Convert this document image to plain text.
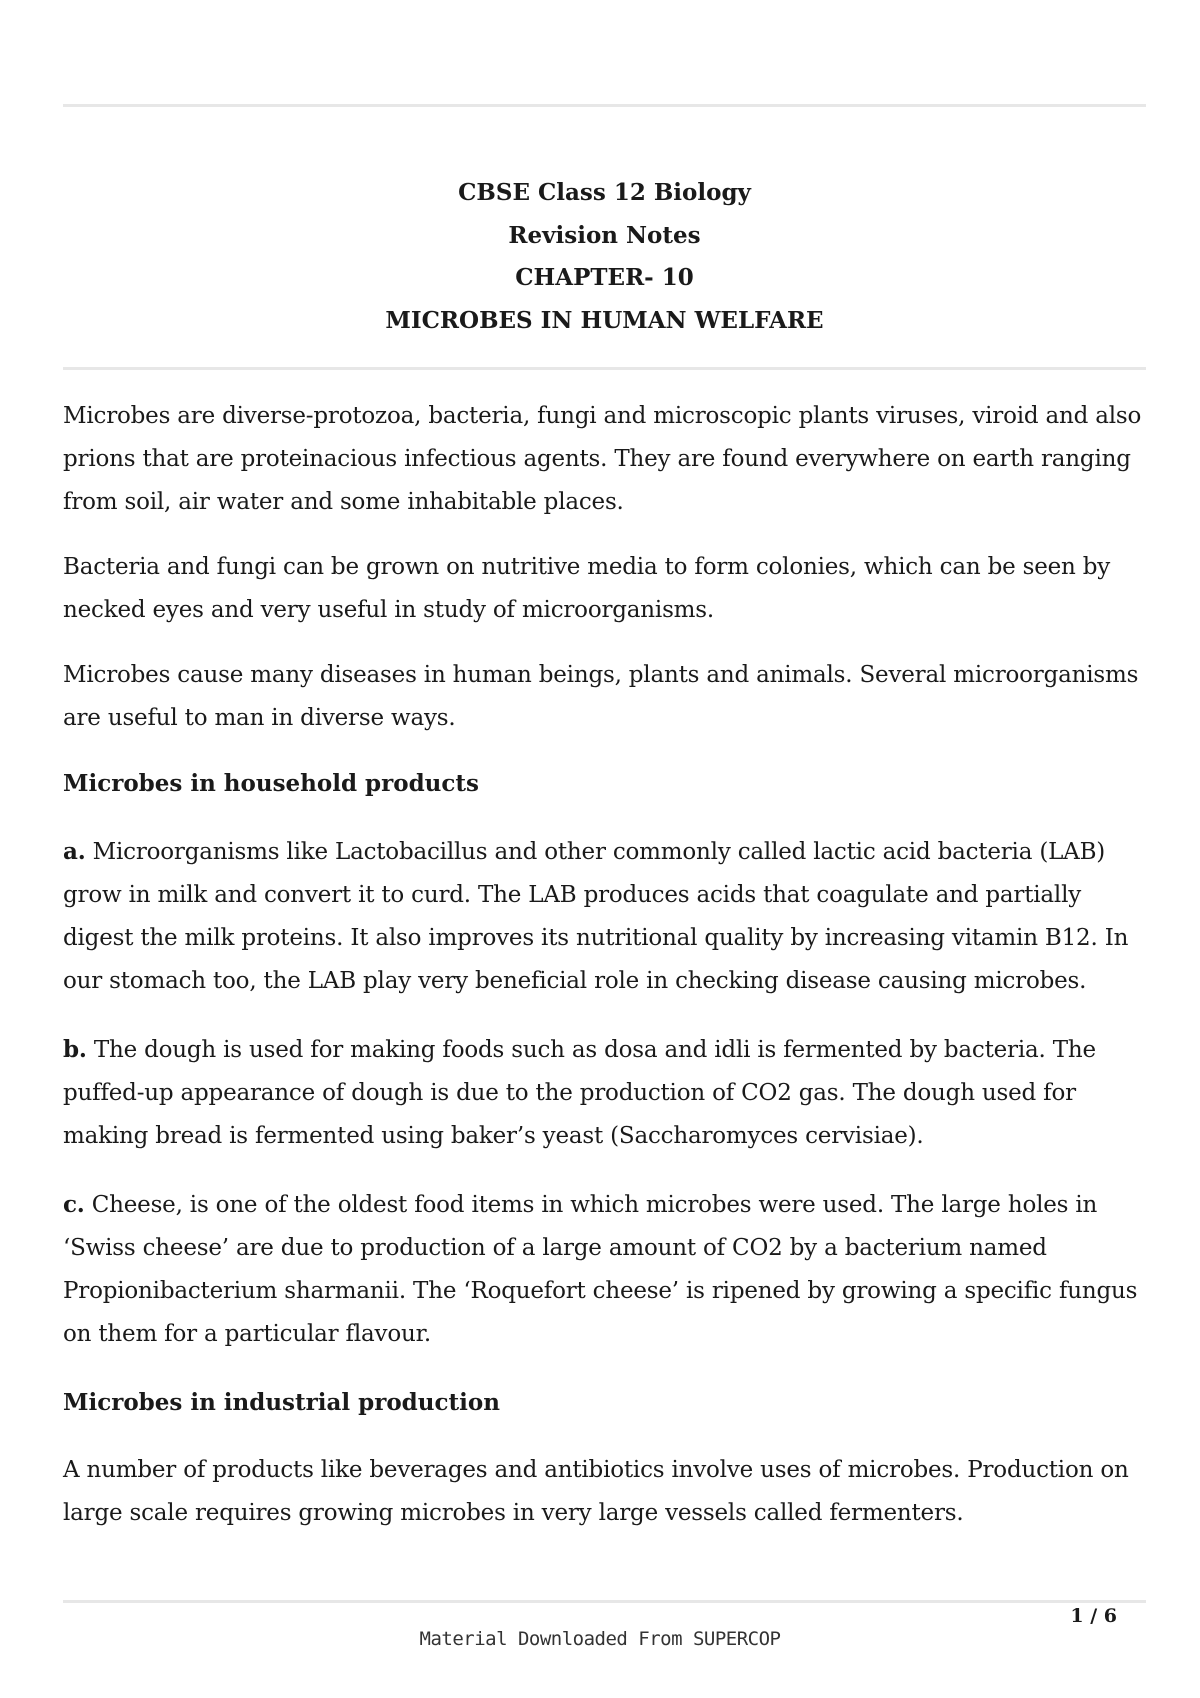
CBSE Class 12 Biology
Revision Notes
CHAPTER- 10
MICROBES IN HUMAN WELFARE

Microbes are diverse-protozoa, bacteria, fungi and microscopic plants viruses, viroid and also prions that are proteinacious infectious agents. They are found everywhere on earth ranging from soil, air water and some inhabitable places.

Bacteria and fungi can be grown on nutritive media to form colonies, which can be seen by necked eyes and very useful in study of microorganisms.

Microbes cause many diseases in human beings, plants and animals. Several microorganisms are useful to man in diverse ways.

Microbes in household products

a. Microorganisms like Lactobacillus and other commonly called lactic acid bacteria (LAB) grow in milk and convert it to curd. The LAB produces acids that coagulate and partially digest the milk proteins. It also improves its nutritional quality by increasing vitamin B12. In our stomach too, the LAB play very beneficial role in checking disease causing microbes.

b. The dough is used for making foods such as dosa and idli is fermented by bacteria. The puffed-up appearance of dough is due to the production of CO2 gas. The dough used for making bread is fermented using baker’s yeast (Saccharomyces cervisiae).

c. Cheese, is one of the oldest food items in which microbes were used. The large holes in ‘Swiss cheese’ are due to production of a large amount of CO2 by a bacterium named Propionibacterium sharmanii. The ‘Roquefort cheese’ is ripened by growing a specific fungus on them for a particular flavour.

Microbes in industrial production

A number of products like beverages and antibiotics involve uses of microbes. Production on large scale requires growing microbes in very large vessels called fermenters.

1 / 6
Material Downloaded From SUPERCOP
